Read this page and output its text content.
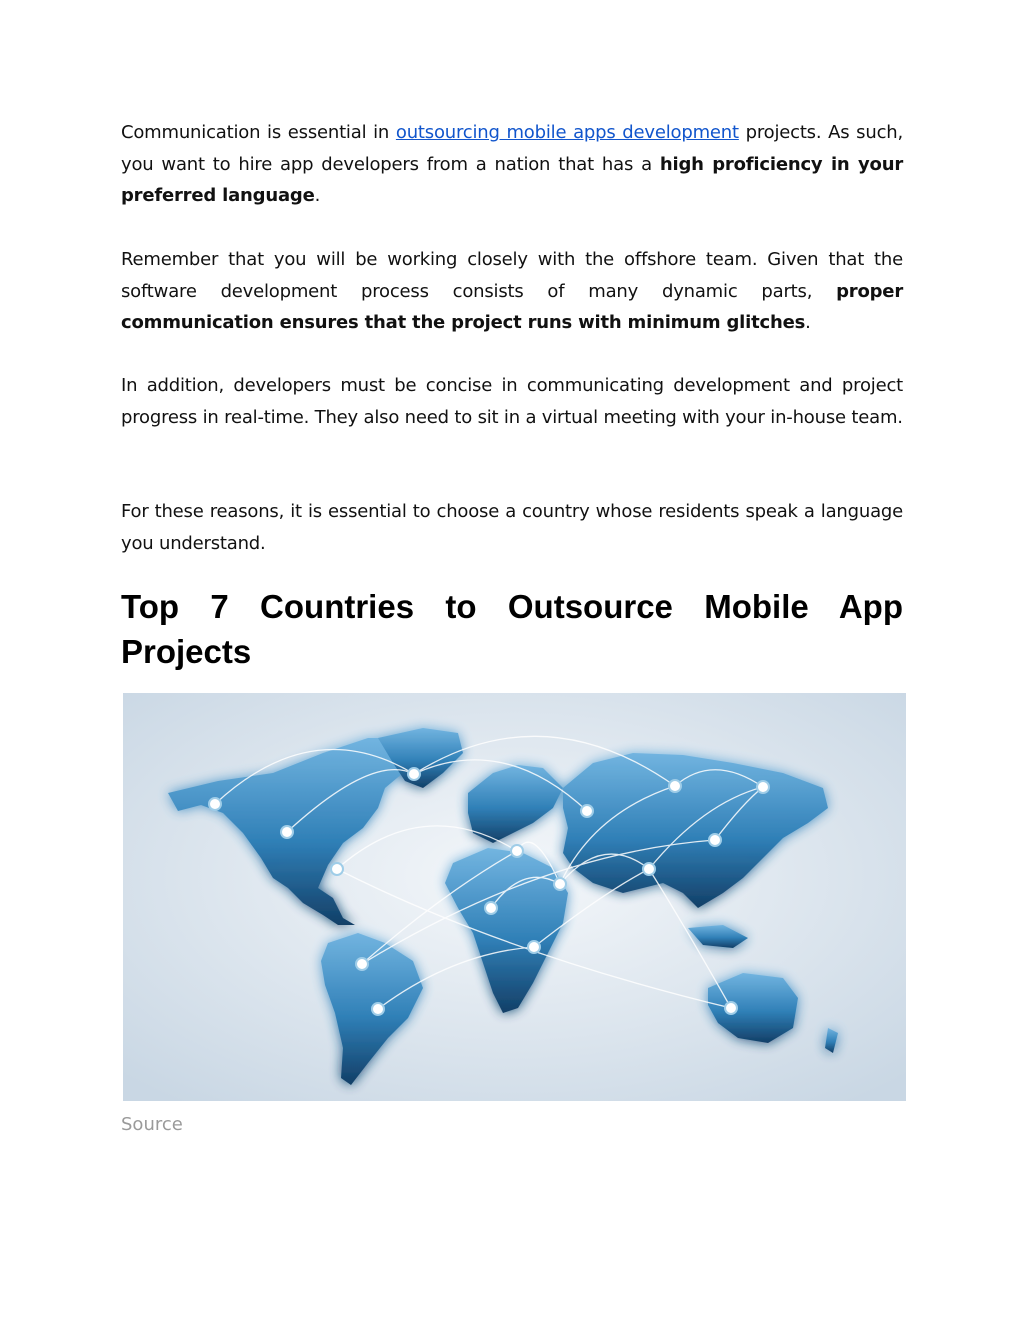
Communication is essential in outsourcing mobile apps development projects. As such, you want to hire app developers from a nation that has a high proficiency in your preferred language.

Remember that you will be working closely with the offshore team. Given that the software development process consists of many dynamic parts, proper communication ensures that the project runs with minimum glitches.

In addition, developers must be concise in communicating development and project progress in real-time. They also need to sit in a virtual meeting with your in-house team.

For these reasons, it is essential to choose a country whose residents speak a language you understand.

Top 7 Countries to Outsource Mobile App Projects

Source
